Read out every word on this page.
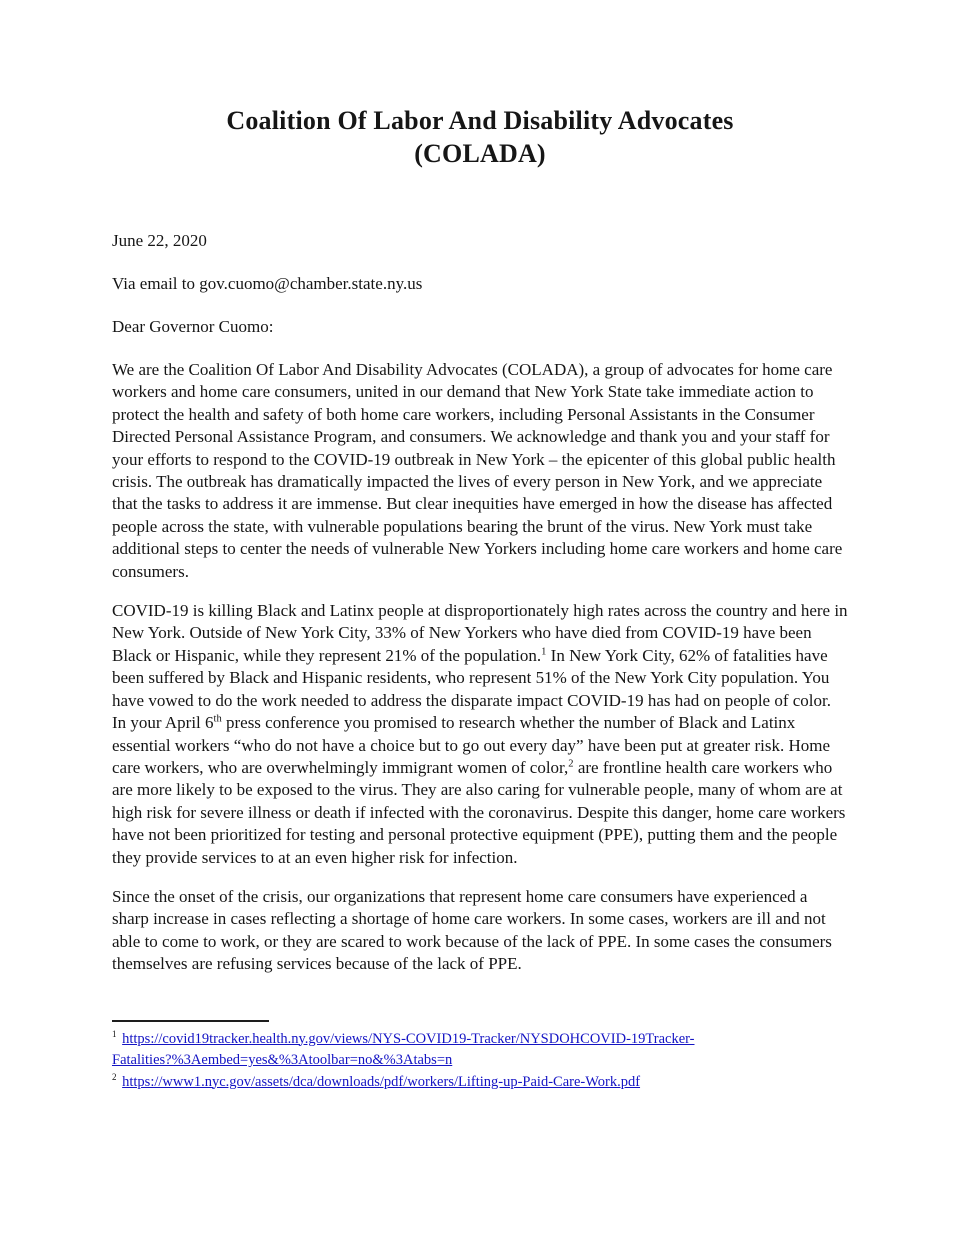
Coalition Of Labor And Disability Advocates
(COLADA)

June 22, 2020

Via email to gov.cuomo@chamber.state.ny.us

Dear Governor Cuomo:

We are the Coalition Of Labor And Disability Advocates (COLADA), a group of advocates for home care workers and home care consumers, united in our demand that New York State take immediate action to protect the health and safety of both home care workers, including Personal Assistants in the Consumer Directed Personal Assistance Program, and consumers. We acknowledge and thank you and your staff for your efforts to respond to the COVID-19 outbreak in New York – the epicenter of this global public health crisis. The outbreak has dramatically impacted the lives of every person in New York, and we appreciate that the tasks to address it are immense. But clear inequities have emerged in how the disease has affected people across the state, with vulnerable populations bearing the brunt of the virus. New York must take additional steps to center the needs of vulnerable New Yorkers including home care workers and home care consumers.

COVID-19 is killing Black and Latinx people at disproportionately high rates across the country and here in New York. Outside of New York City, 33% of New Yorkers who have died from COVID-19 have been Black or Hispanic, while they represent 21% of the population.$^1$ In New York City, 62% of fatalities have been suffered by Black and Hispanic residents, who represent 51% of the New York City population. You have vowed to do the work needed to address the disparate impact COVID-19 has had on people of color. In your April 6th press conference you promised to research whether the number of Black and Latinx essential workers “who do not have a choice but to go out every day” have been put at greater risk. Home care workers, who are overwhelmingly immigrant women of color,$^2$ are frontline health care workers who are more likely to be exposed to the virus. They are also caring for vulnerable people, many of whom are at high risk for severe illness or death if infected with the coronavirus. Despite this danger, home care workers have not been prioritized for testing and personal protective equipment (PPE), putting them and the people they provide services to at an even higher risk for infection.

Since the onset of the crisis, our organizations that represent home care consumers have experienced a sharp increase in cases reflecting a shortage of home care workers. In some cases, workers are ill and not able to come to work, or they are scared to work because of the lack of PPE. In some cases the consumers themselves are refusing services because of the lack of PPE.

$^1$ https://covid19tracker.health.ny.gov/views/NYS-COVID19-Tracker/NYSDOHCOVID-19Tracker-
Fatalities?%3Aembed=yes&%3Atoolbar=no&%3Atabs=n
$^2$ https://www1.nyc.gov/assets/dca/downloads/pdf/workers/Lifting-up-Paid-Care-Work.pdf
